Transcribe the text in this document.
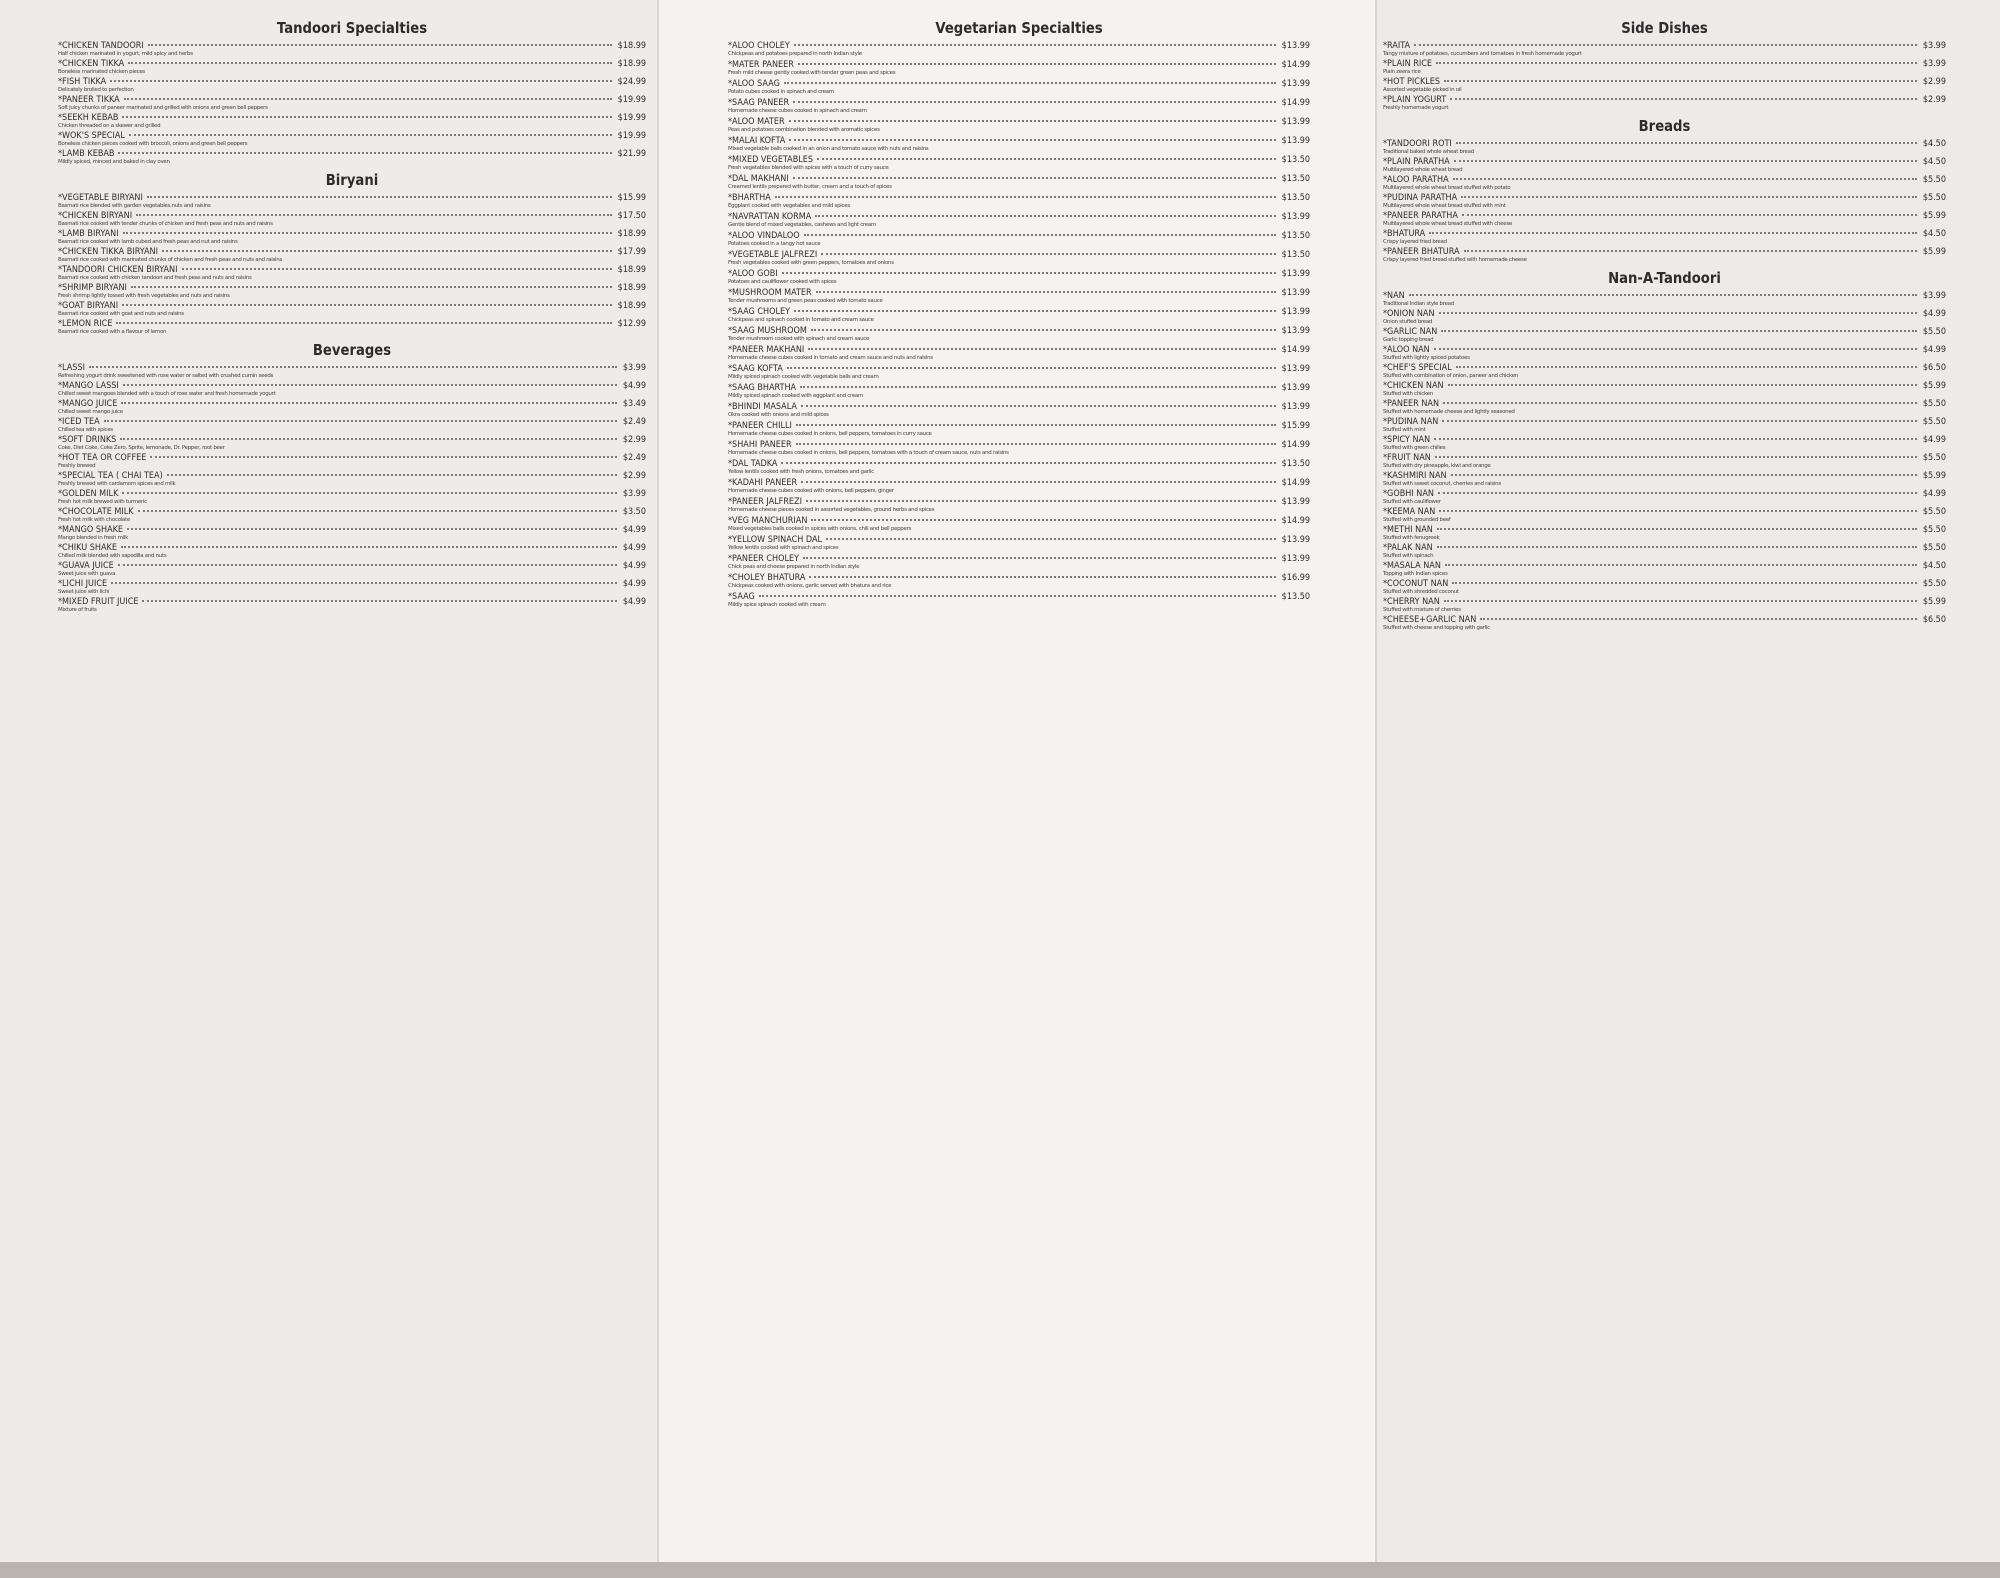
Tandoori Specialties
*CHICKEN TANDOORI	$18.99
Half chicken marinated in yogurt, mild spicy and herbs
*CHICKEN TIKKA	$18.99
Boneless marinated chicken pieces
*FISH TIKKA	$24.99
Delicately broiled to perfection
*PANEER TIKKA	$19.99
Soft juicy chunks of paneer marinated and grilled with onions and green bell peppers
*SEEKH KEBAB	$19.99
Chicken threaded on a skewer and grilled
*WOK'S SPECIAL	$19.99
Boneless chicken pieces cooked with broccoli, onions and green bell peppers
*LAMB KEBAB	$21.99
Mildly spiced, minced and baked in clay oven
Biryani
*VEGETABLE BIRYANI	$15.99
Basmati rice blended with garden vegetables,nuts and raisins
*CHICKEN BIRYANI	$17.50
Basmati rice cooked with tender chunks of chicken and fresh peas and nuts and raisins
*LAMB BIRYANI	$18.99
Basmati rice cooked with lamb cubed and fresh peas and nut and raisins
*CHICKEN TIKKA BIRYANI	$17.99
Basmati rice cooked with marinated chunks of chicken and fresh peas and nuts and raisins
*TANDOORI CHICKEN BIRYANI	$18.99
Basmati rice cooked with chicken tandoori and fresh peas and nuts and raisins
*SHRIMP BIRYANI	$18.99
Fresh shrimp lightly tossed with fresh vegetables and nuts and raisins
*GOAT BIRYANI	$18.99
Basmati rice cooked with goat and nuts and raisins
*LEMON RICE	$12.99
Basmati rice cooked with a flavour of lemon
Beverages
*LASSI	$3.99
Refreshing yogurt drink sweetened with rose water or salted with crushed cumin seeds
*MANGO LASSI	$4.99
Chilled sweet mangoes blended with a touch of rose water and fresh homemade yogurt
*MANGO JUICE	$3.49
Chilled sweet mango juice
*ICED TEA	$2.49
Chilled tea with spices
*SOFT DRINKS	$2.99
Coke, Diet Coke, Coke Zero, Sprite, lemonade, Dr. Pepper, root beer
*HOT TEA OR COFFEE	$2.49
Freshly brewed
*SPECIAL TEA ( CHAI TEA)	$2.99
Freshly brewed with cardamom spices and milk
*GOLDEN MILK	$3.99
Fresh hot milk brewed with turmeric
*CHOCOLATE MILK	$3.50
Fresh hot milk with chocolate
*MANGO SHAKE	$4.99
Mango blended in fresh milk
*CHIKU SHAKE	$4.99
Chilled milk blended with sapodilla and nuts
*GUAVA JUICE	$4.99
Sweet juice with guava
*LICHI JUICE	$4.99
Sweet juice with lichi
*MIXED FRUIT JUICE	$4.99
Mixture of fruits
Vegetarian Specialties
*ALOO CHOLEY	$13.99
Chickpeas and potatoes prepared in north Indian style
*MATER PANEER	$14.99
Fresh mild cheese gently cooked with tender green peas and spices
*ALOO SAAG	$13.99
Potato cubes cooked in spinach and cream
*SAAG PANEER	$14.99
Homemade cheese cubes cooked in spinach and cream
*ALOO MATER	$13.99
Peas and potatoes combination blended with aromatic spices
*MALAI KOFTA	$13.99
Mixed vegetable balls cooked in an onion and tomato sauce with nuts and raisins
*MIXED VEGETABLES	$13.50
Fresh vegetables blended with spices with a touch of curry sauce
*DAL MAKHANI	$13.50
Creamed lentils prepared with butter, cream and a touch of spices
*BHARTHA	$13.50
Eggplant cooked with vegetables and mild spices
*NAVRATTAN KORMA	$13.99
Gentle blend of mixed vegetables, cashews and light cream
*ALOO VINDALOO	$13.50
Potatoes cooked in a tangy hot sauce
*VEGETABLE JALFREZI	$13.50
Fresh vegetables cooked with green peppers, tomatoes and onions
*ALOO GOBI	$13.99
Potatoes and cauliflower cooked with spices
*MUSHROOM MATER	$13.99
Tender mushrooms and green peas cooked with tomato sauce
*SAAG CHOLEY	$13.99
Chickpeas and spinach cooked in tomato and cream sauce
*SAAG MUSHROOM	$13.99
Tender mushroom cooked with spinach and cream sauce
*PANEER MAKHANI	$14.99
Homemade cheese cubes cooked in tomato and cream sauce and nuts and raisins
*SAAG KOFTA	$13.99
Mildly spiced spinach cooked with vegetable balls and cream
*SAAG BHARTHA	$13.99
Mildly spiced spinach cooked with eggplant and cream
*BHINDI MASALA	$13.99
Okra cooked with onions and mild spices
*PANEER CHILLI	$15.99
Homemade cheese cubes cooked in onions, bell peppers, tomatoes in curry sauce
*SHAHI PANEER	$14.99
Homemade cheese cubes cooked in onions, bell peppers, tomatoes with a touch of cream sauce, nuts and raisins
*DAL TADKA	$13.50
Yellow lentils cooked with fresh onions, tomatoes and garlic
*KADAHI PANEER	$14.99
Homemade cheese cubes cooked with onions, bell peppers, ginger
*PANEER JALFREZI	$13.99
Homemade cheese pieces cooked in assorted vegetables, ground herbs and spices
*VEG MANCHURIAN	$14.99
Mixed vegetables balls cooked in spices with onions, chili and bell peppers
*YELLOW SPINACH DAL	$13.99
Yellow lentils cooked with spinach and spices
*PANEER CHOLEY	$13.99
Chick peas and cheese prepared in north Indian style
*CHOLEY BHATURA	$16.99
Chickpeas cooked with onions, garlic served with bhatura and rice
*SAAG	$13.50
Mildly spice spinach cooked with cream
Side Dishes
*RAITA	$3.99
Tangy mixture of potatoes, cucumbers and tomatoes in fresh homemade yogurt
*PLAIN RICE	$3.99
Plain zeera rice
*HOT PICKLES	$2.99
Assorted vegetable picked in oil
*PLAIN YOGURT	$2.99
Freshly homemade yogurt
Breads
*TANDOORI ROTI	$4.50
Traditional baked whole wheat bread
*PLAIN PARATHA	$4.50
Multilayered whole wheat bread
*ALOO PARATHA	$5.50
Multilayered whole wheat bread stuffed with potato
*PUDINA PARATHA	$5.50
Multilayered whole wheat bread stuffed with mint
*PANEER PARATHA	$5.99
Multilayered whole wheat bread stuffed with cheese
*BHATURA	$4.50
Crispy layered fried bread
*PANEER BHATURA	$5.99
Crispy layered fried bread stuffed with homemade cheese
Nan-A-Tandoori
*NAN	$3.99
Traditional Indian style bread
*ONION NAN	$4.99
Onion stuffed bread
*GARLIC NAN	$5.50
Garlic topping bread
*ALOO NAN	$4.99
Stuffed with lightly spiced potatoes
*CHEF'S SPECIAL	$6.50
Stuffed with combination of onion, paneer and chicken
*CHICKEN NAN	$5.99
Stuffed with chicken
*PANEER NAN	$5.50
Stuffed with homemade cheese and lightly seasoned
*PUDINA NAN	$5.50
Stuffed with mint
*SPICY NAN	$4.99
Stuffed with green chilies
*FRUIT NAN	$5.50
Stuffed with dry pineapple, kiwi and orange
*KASHMIRI NAN	$5.99
Stuffed with sweet coconut, cherries and raisins
*GOBHI NAN	$4.99
Stuffed with cauliflower
*KEEMA NAN	$5.50
Stuffed with grounded beef
*METHI NAN	$5.50
Stuffed with fenugreek
*PALAK NAN	$5.50
Stuffed with spinach
*MASALA NAN	$4.50
Topping with Indian spices
*COCONUT NAN	$5.50
Stuffed with shredded coconut
*CHERRY NAN	$5.99
Stuffed with mixture of cherries
*CHEESE+GARLIC NAN	$6.50
Stuffed with cheese and topping with garlic
